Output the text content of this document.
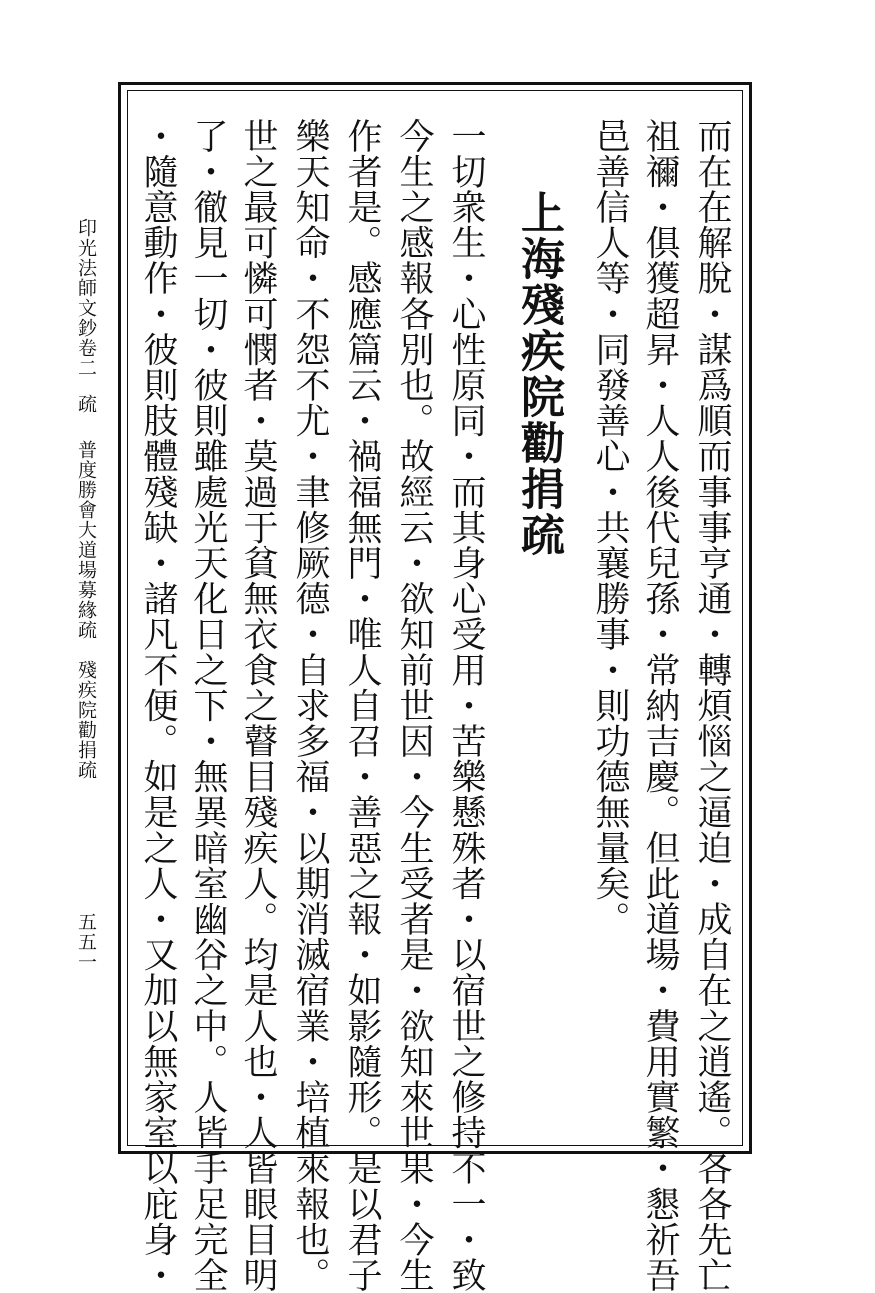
而在在解脫・謀爲順而事事亨通・轉煩惱之逼迫・成自在之逍遙。各各先亡
祖禰・俱獲超昇・人人後代兒孫・常納吉慶。但此道場・費用實繁・懇祈吾
邑善信人等・同發善心・共襄勝事・則功德無量矣。
上海殘疾院勸捐疏
一切衆生・心性原同・而其身心受用・苦樂懸殊者・以宿世之修持不一・致
今生之感報各別也。故經云・欲知前世因・今生受者是・欲知來世果・今生
作者是。感應篇云・禍福無門・唯人自召・善惡之報・如影隨形。是以君子
樂天知命・不怨不尤・聿修厥德・自求多福・以期消滅宿業・培植來報也。
世之最可憐可憫者・莫過于貧無衣食之瞽目殘疾人。均是人也・人皆眼目明
了・徹見一切・彼則雖處光天化日之下・無異暗室幽谷之中。人皆手足完全
・隨意動作・彼則肢體殘缺・諸凡不便。如是之人・又加以無家室以庇身・
印光法師文鈔卷二疏普度勝會大道場募緣疏　殘疾院勸捐疏
五五一
